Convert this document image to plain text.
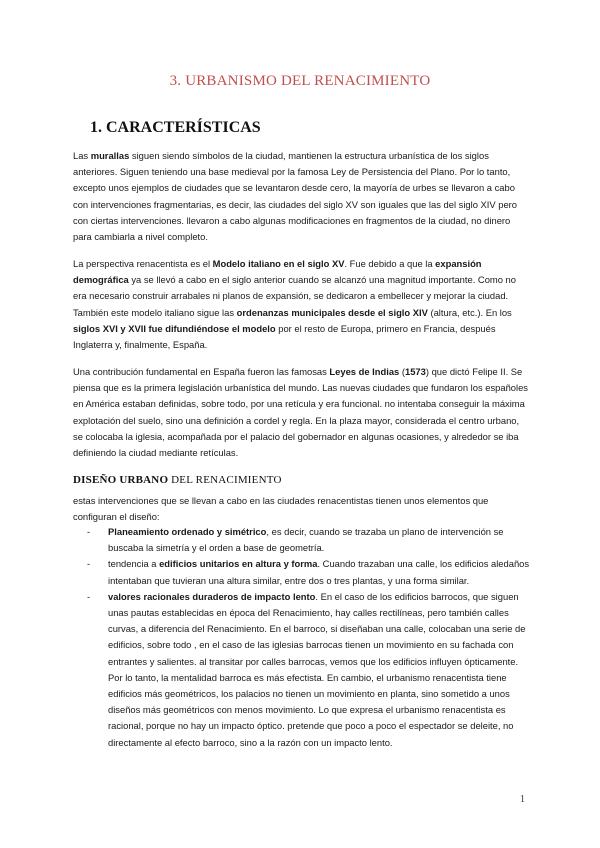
3. URBANISMO DEL RENACIMIENTO
1. CARACTERÍSTICAS
Las murallas siguen siendo símbolos de la ciudad, mantienen la estructura urbanística de los siglos anteriores. Siguen teniendo una base medieval por la famosa Ley de Persistencia del Plano. Por lo tanto, excepto unos ejemplos de ciudades que se levantaron desde cero, la mayoría de urbes se llevaron a cabo con intervenciones fragmentarias, es decir, las ciudades del siglo XV son iguales que las del siglo XIV pero con ciertas intervenciones. llevaron a cabo algunas modificaciones en fragmentos de la ciudad, no dinero para cambiarla a nivel completo.
La perspectiva renacentista es el Modelo italiano en el siglo XV. Fue debido a que la expansión demográfica ya se llevó a cabo en el siglo anterior cuando se alcanzó una magnitud importante. Como no era necesario construir arrabales ni planos de expansión, se dedicaron a embellecer y mejorar la ciudad. También este modelo italiano sigue las ordenanzas municipales desde el siglo XIV (altura, etc.). En los siglos XVI y XVII fue difundiéndose el modelo por el resto de Europa, primero en Francia, después Inglaterra y, finalmente, España.
Una contribución fundamental en España fueron las famosas Leyes de Indias (1573) que dictó Felipe II. Se piensa que es la primera legislación urbanística del mundo. Las nuevas ciudades que fundaron los españoles en América estaban definidas, sobre todo, por una retícula y era funcional. no intentaba conseguir la máxima explotación del suelo, sino una definición a cordel y regla. En la plaza mayor, considerada el centro urbano, se colocaba la iglesia, acompañada por el palacio del gobernador en algunas ocasiones, y alrededor se iba definiendo la ciudad mediante retículas.
DISEÑO URBANO DEL RENACIMIENTO
estas intervenciones que se llevan a cabo en las ciudades renacentistas tienen unos elementos que configuran el diseño:
- Planeamiento ordenado y simétrico, es decir, cuando se trazaba un plano de intervención se buscaba la simetría y el orden a base de geometría.
- tendencia a edificios unitarios en altura y forma. Cuando trazaban una calle, los edificios aledaños intentaban que tuvieran una altura similar, entre dos o tres plantas, y una forma similar.
- valores racionales duraderos de impacto lento. En el caso de los edificios barrocos, que siguen unas pautas establecidas en época del Renacimiento, hay calles rectilíneas, pero también calles curvas, a diferencia del Renacimiento. En el barroco, si diseñaban una calle, colocaban una serie de edificios, sobre todo , en el caso de las iglesias barrocas tienen un movimiento en su fachada con entrantes y salientes. al transitar por calles barrocas, vemos que los edificios influyen ópticamente. Por lo tanto, la mentalidad barroca es más efectista. En cambio, el urbanismo renacentista tiene edificios más geométricos, los palacios no tienen un movimiento en planta, sino sometido a unos diseños más geométricos con menos movimiento. Lo que expresa el urbanismo renacentista es racional, porque no hay un impacto óptico. pretende que poco a poco el espectador se deleite, no directamente al efecto barroco, sino a la razón con un impacto lento.
1
